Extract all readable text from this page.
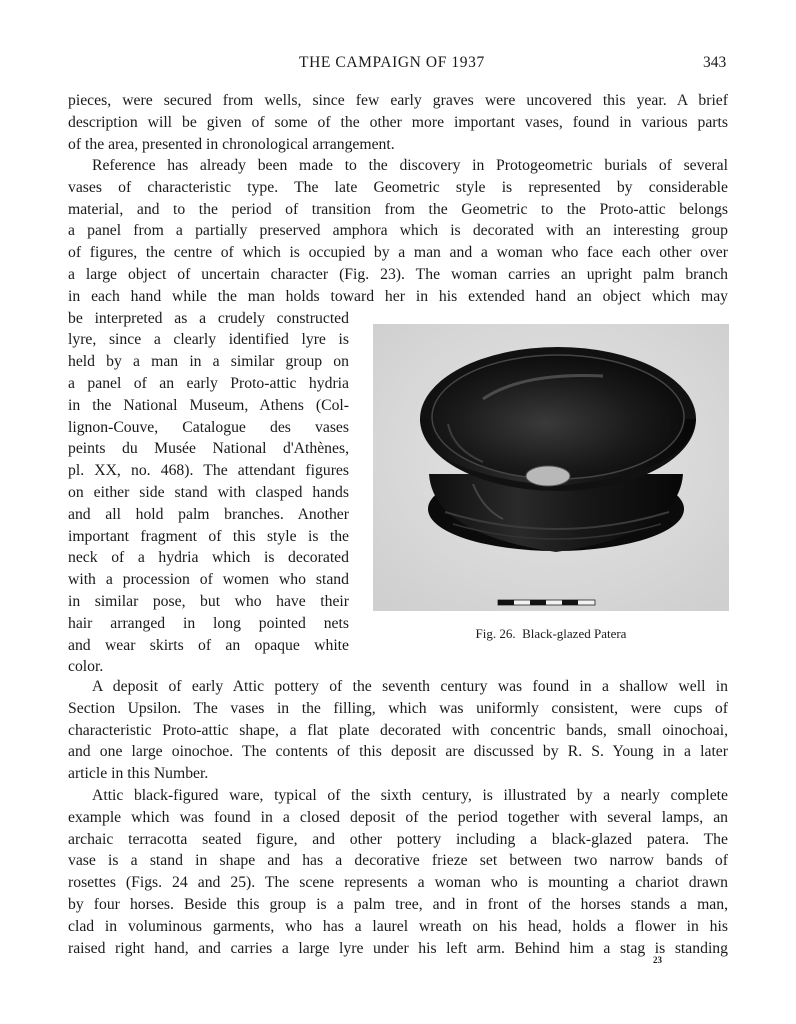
THE CAMPAIGN OF 1937	343
pieces, were secured from wells, since few early graves were uncovered this year. A brief
description will be given of some of the other more important vases, found in various parts
of the area, presented in chronological arrangement.
Reference has already been made to the discovery in Protogeometric burials of several
vases of characteristic type. The late Geometric style is represented by considerable
material, and to the period of transition from the Geometric to the Proto-attic belongs
a panel from a partially preserved amphora which is decorated with an interesting group
of figures, the centre of which is occupied by a man and a woman who face each other over
a large object of uncertain character (Fig. 23). The woman carries an upright palm branch
in each hand while the man holds toward her in his extended hand an object which may
be interpreted as a crudely constructed
lyre, since a clearly identified lyre is
held by a man in a similar group on
a panel of an early Proto-attic hydria
in the National Museum, Athens (Col-
lignon-Couve, Catalogue des vases
peints du Musée National d'Athènes,
pl. XX, no. 468). The attendant figures
on either side stand with clasped hands
and all hold palm branches. Another
important fragment of this style is the
neck of a hydria which is decorated
with a procession of women who stand
in similar pose, but who have their
hair arranged in long pointed nets
and wear skirts of an opaque white
color.
Fig. 26. Black-glazed Patera
A deposit of early Attic pottery of the seventh century was found in a shallow well in
Section Upsilon. The vases in the filling, which was uniformly consistent, were cups of
characteristic Proto-attic shape, a flat plate decorated with concentric bands, small oinochoai,
and one large oinochoe. The contents of this deposit are discussed by R. S. Young in a later
article in this Number.
Attic black-figured ware, typical of the sixth century, is illustrated by a nearly complete
example which was found in a closed deposit of the period together with several lamps, an
archaic terracotta seated figure, and other pottery including a black-glazed patera. The
vase is a stand in shape and has a decorative frieze set between two narrow bands of
rosettes (Figs. 24 and 25). The scene represents a woman who is mounting a chariot drawn
by four horses. Beside this group is a palm tree, and in front of the horses stands a man,
clad in voluminous garments, who has a laurel wreath on his head, holds a flower in his
raised right hand, and carries a large lyre under his left arm. Behind him a stag is standing
23
